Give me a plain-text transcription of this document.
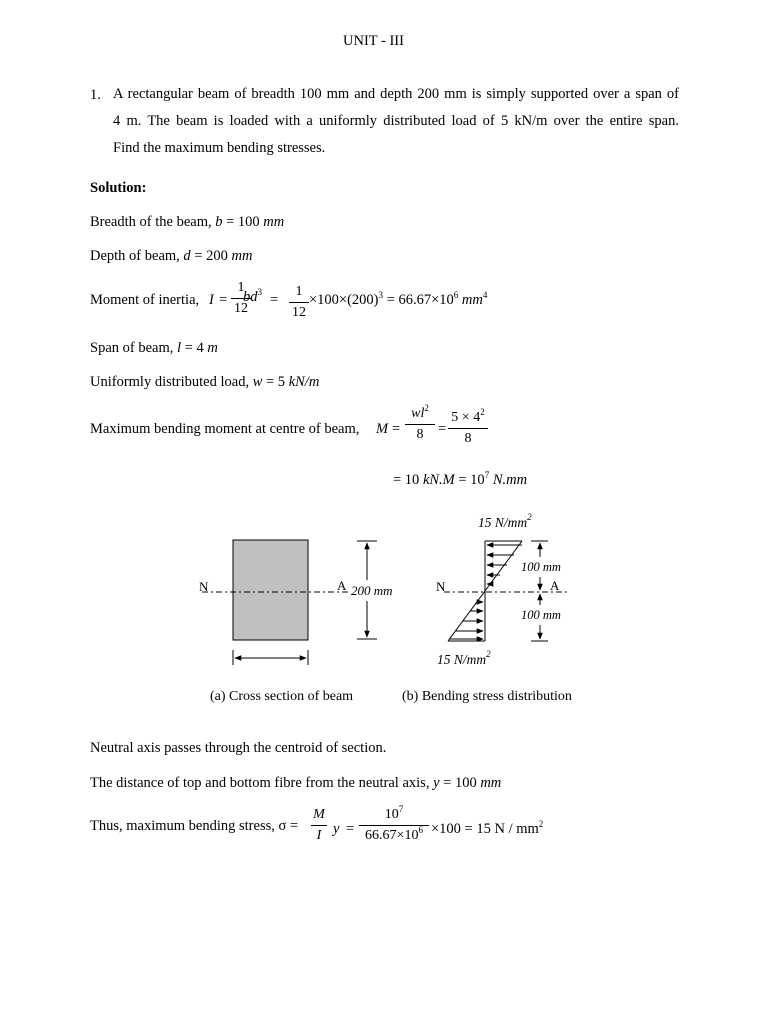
UNIT - III
1. A rectangular beam of breadth 100 mm and depth 200 mm is simply supported over a span of
4 m. The beam is loaded with a uniformly distributed load of 5 kN/m over the entire span.
Find the maximum bending stresses.
Solution:
Breadth of the beam, b = 100 mm
Depth of beam, d = 200 mm
Moment of inertia, I =
1
12
$bd^3$ =
1
12
$\times 100\times(200)^3 = 66.67\times 10^6$ $mm^4$
Span of beam, l = 4 m
Uniformly distributed load, w = 5 kN/m
Maximum bending moment at centre of beam, M =
$wl^2$
8	=
$5 \times 4^2$
8
= 10 $kN.M = 10^7$ N.mm
N	A 200 mm	N	A
100 mm
100 mm
15 $N/mm^2$
15 $N/mm^2$
(a) Cross section of beam	(b) Bending stress distribution
Neutral axis passes through the centroid of section.
The distance of top and bottom fibre from the neutral axis, y = 100 mm
Thus, maximum bending stress, σ =
M
I y =
$10^7$
$66.67\times 10^6 \times 100 = 15$ N / $mm^2$
